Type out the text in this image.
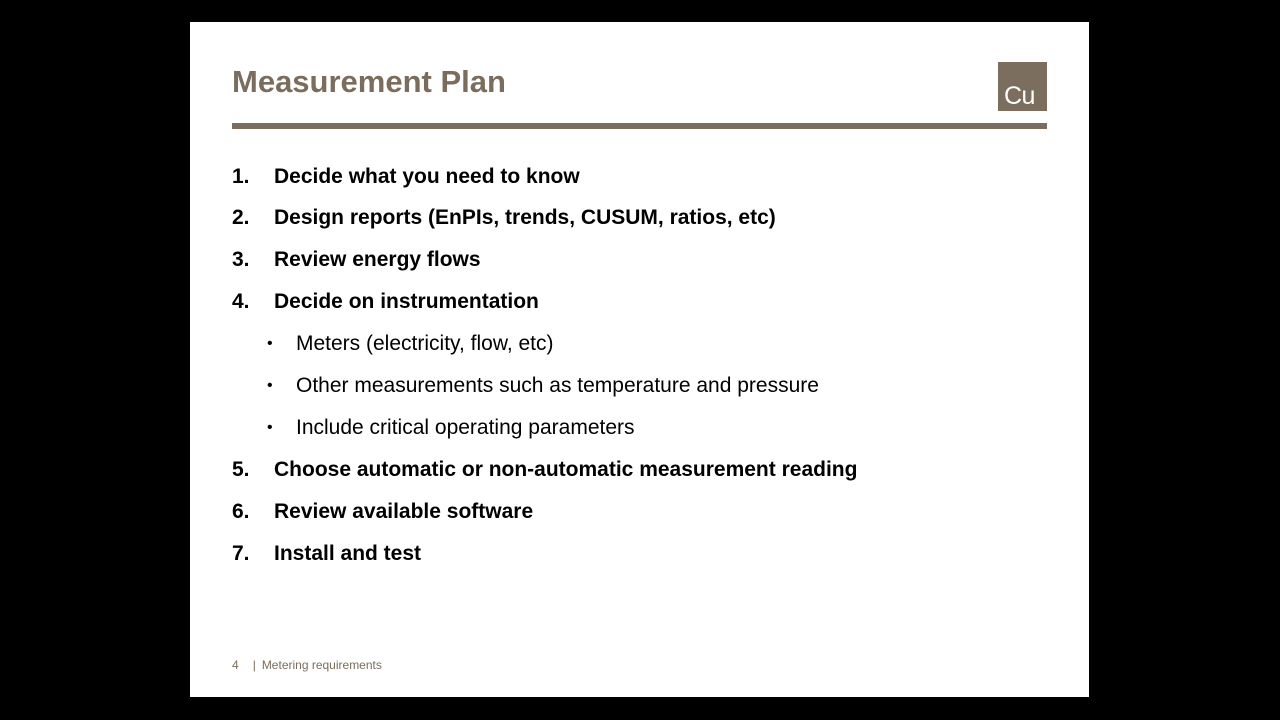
Measurement Plan	Cu
1. Decide what you need to know
2. Design reports (EnPIs, trends, CUSUM, ratios, etc)
3. Review energy flows
4. Decide on instrumentation
• Meters (electricity, flow, etc)
• Other measurements such as temperature and pressure
• Include critical operating parameters
5. Choose automatic or non-automatic measurement reading
6. Review available software
7. Install and test
4 | Metering requirements
